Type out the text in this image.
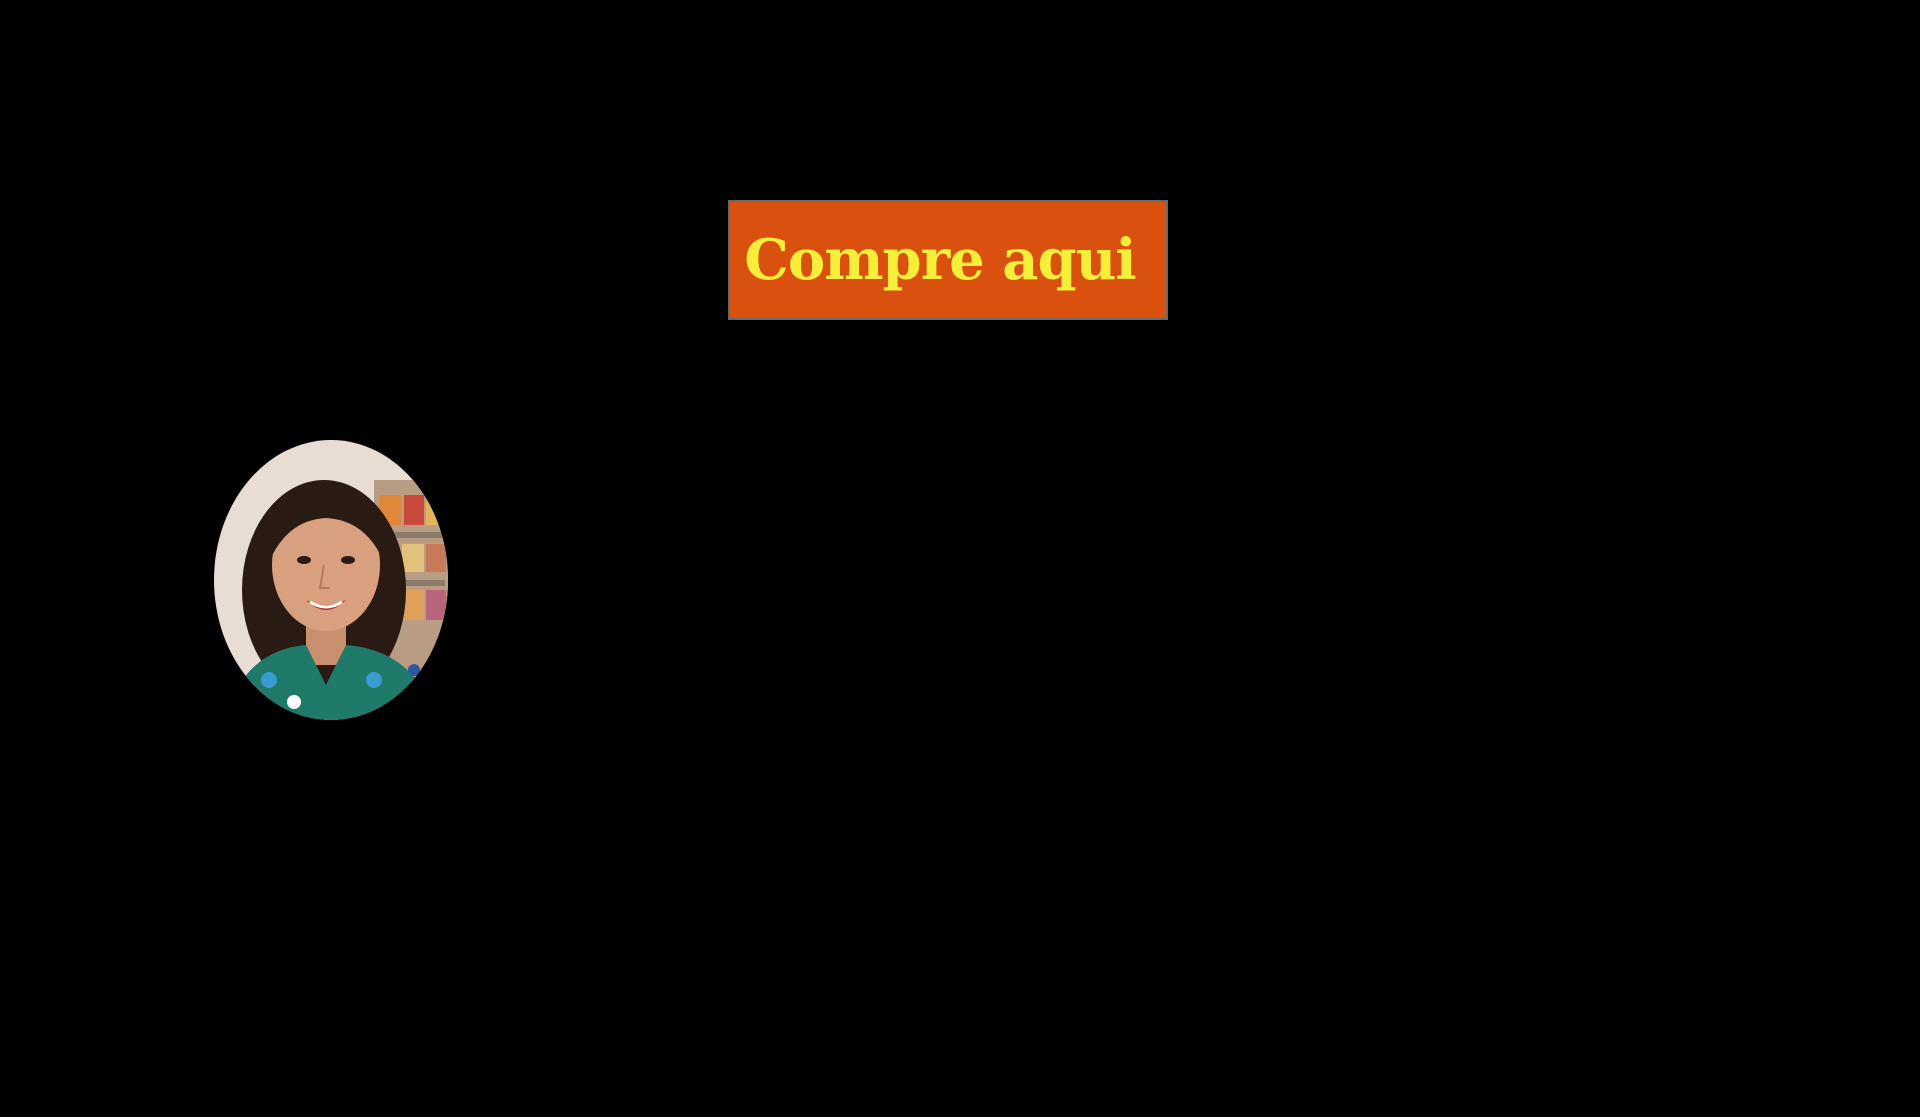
Compre aqui
